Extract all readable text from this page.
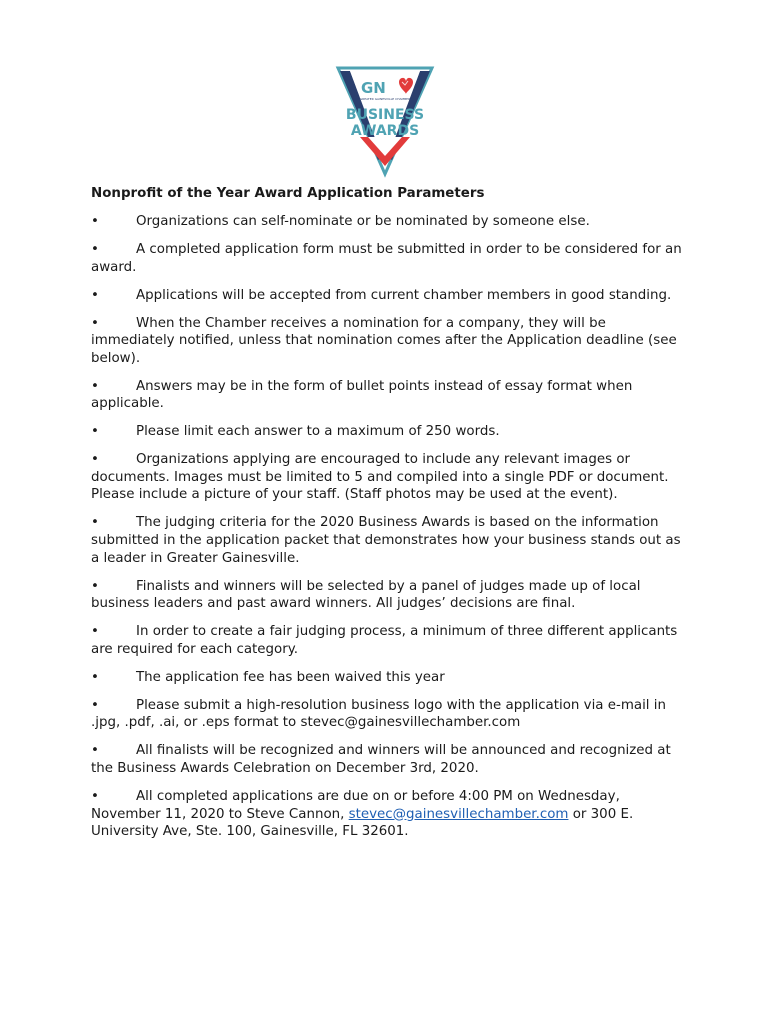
GN
GREATER GAINESVILLE CHAMBER
BUSINESS
AWARDS
Nonprofit of the Year Award Application Parameters
•	Organizations can self-nominate or be nominated by someone else.
•	A completed application form must be submitted in order to be considered for an award.
•	Applications will be accepted from current chamber members in good standing.
•	When the Chamber receives a nomination for a company, they will be immediately notified, unless that nomination comes after the Application deadline (see below).
•	Answers may be in the form of bullet points instead of essay format when applicable.
•	Please limit each answer to a maximum of 250 words.
•	Organizations applying are encouraged to include any relevant images or documents. Images must be limited to 5 and compiled into a single PDF or document. Please include a picture of your staff. (Staff photos may be used at the event).
•	The judging criteria for the 2020 Business Awards is based on the information submitted in the application packet that demonstrates how your business stands out as a leader in Greater Gainesville.
•	Finalists and winners will be selected by a panel of judges made up of local business leaders and past award winners. All judges’ decisions are final.
•	In order to create a fair judging process, a minimum of three different applicants are required for each category.
•	The application fee has been waived this year
•	Please submit a high-resolution business logo with the application via e-mail in .jpg, .pdf, .ai, or .eps format to stevec@gainesvillechamber.com
•	All finalists will be recognized and winners will be announced and recognized at the Business Awards Celebration on December 3rd, 2020.
•	All completed applications are due on or before 4:00 PM on Wednesday, November 11, 2020 to Steve Cannon, stevec@gainesvillechamber.com or 300 E. University Ave, Ste. 100, Gainesville, FL 32601.
